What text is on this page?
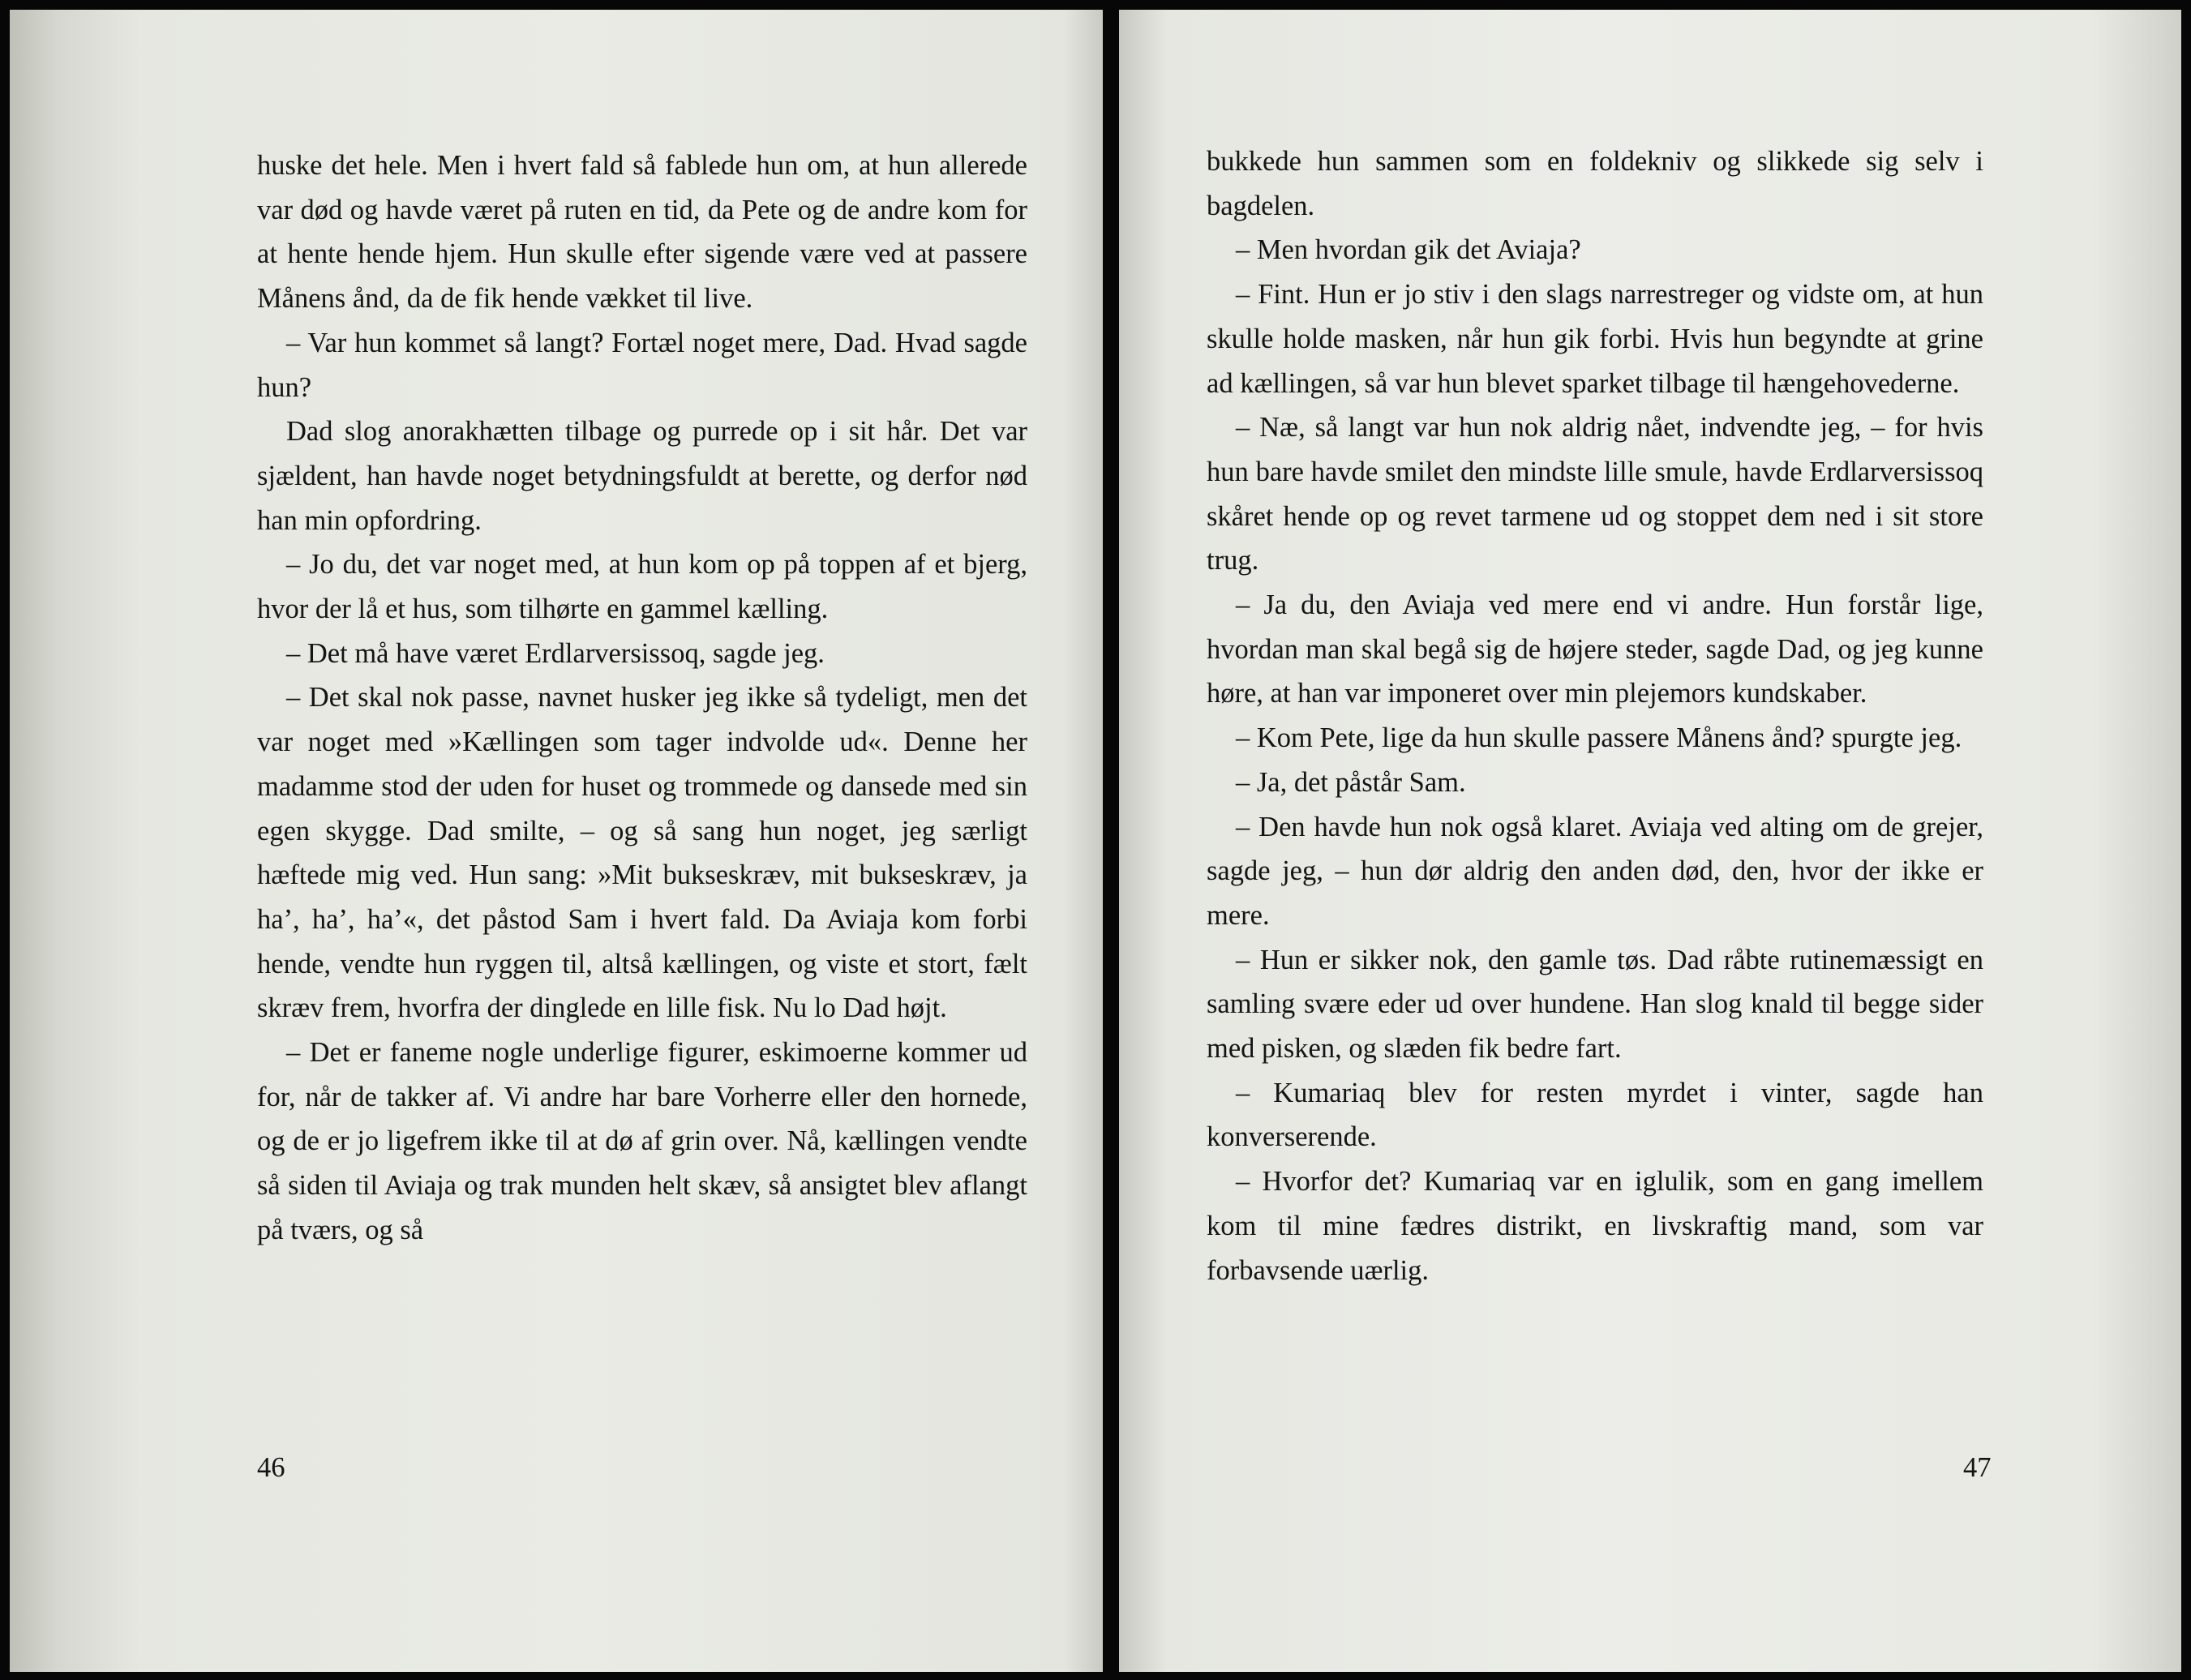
huske det hele. Men i hvert fald så fablede hun om, at hun allerede var død og havde været på ruten en tid, da Pete og de andre kom for at hente hende hjem. Hun skulle efter sigende være ved at passere Månens ånd, da de fik hende vækket til live.

– Var hun kommet så langt? Fortæl noget mere, Dad. Hvad sagde hun?

Dad slog anorakhætten tilbage og purrede op i sit hår. Det var sjældent, han havde noget betydningsfuldt at berette, og derfor nød han min opfordring.

– Jo du, det var noget med, at hun kom op på toppen af et bjerg, hvor der lå et hus, som tilhørte en gammel kælling.

– Det må have været Erdlarversissoq, sagde jeg.

– Det skal nok passe, navnet husker jeg ikke så tydeligt, men det var noget med »Kællingen som tager indvolde ud«. Denne her madamme stod der uden for huset og trommede og dansede med sin egen skygge. Dad smilte, – og så sang hun noget, jeg særligt hæftede mig ved. Hun sang: »Mit bukseskræv, mit bukseskræv, ja ha’, ha’, ha’«, det påstod Sam i hvert fald. Da Aviaja kom forbi hende, vendte hun ryggen til, altså kællingen, og viste et stort, fælt skræv frem, hvorfra der dinglede en lille fisk. Nu lo Dad højt.

– Det er faneme nogle underlige figurer, eskimoerne kommer ud for, når de takker af. Vi andre har bare Vorherre eller den hornede, og de er jo ligefrem ikke til at dø af grin over. Nå, kællingen vendte så siden til Aviaja og trak munden helt skæv, så ansigtet blev aflangt på tværs, og så

46

bukkede hun sammen som en foldekniv og slikkede sig selv i bagdelen.

– Men hvordan gik det Aviaja?

– Fint. Hun er jo stiv i den slags narrestreger og vidste om, at hun skulle holde masken, når hun gik forbi. Hvis hun begyndte at grine ad kællingen, så var hun blevet sparket tilbage til hængehovederne.

– Næ, så langt var hun nok aldrig nået, indvendte jeg, – for hvis hun bare havde smilet den mindste lille smule, havde Erdlarversissoq skåret hende op og revet tarmene ud og stoppet dem ned i sit store trug.

– Ja du, den Aviaja ved mere end vi andre. Hun forstår lige, hvordan man skal begå sig de højere steder, sagde Dad, og jeg kunne høre, at han var imponeret over min plejemors kundskaber.

– Kom Pete, lige da hun skulle passere Månens ånd? spurgte jeg.

– Ja, det påstår Sam.

– Den havde hun nok også klaret. Aviaja ved alting om de grejer, sagde jeg, – hun dør aldrig den anden død, den, hvor der ikke er mere.

– Hun er sikker nok, den gamle tøs. Dad råbte rutinemæssigt en samling svære eder ud over hundene. Han slog knald til begge sider med pisken, og slæden fik bedre fart.

– Kumariaq blev for resten myrdet i vinter, sagde han konverserende.

– Hvorfor det? Kumariaq var en iglulik, som en gang imellem kom til mine fædres distrikt, en livskraftig mand, som var forbavsende uærlig.

47
